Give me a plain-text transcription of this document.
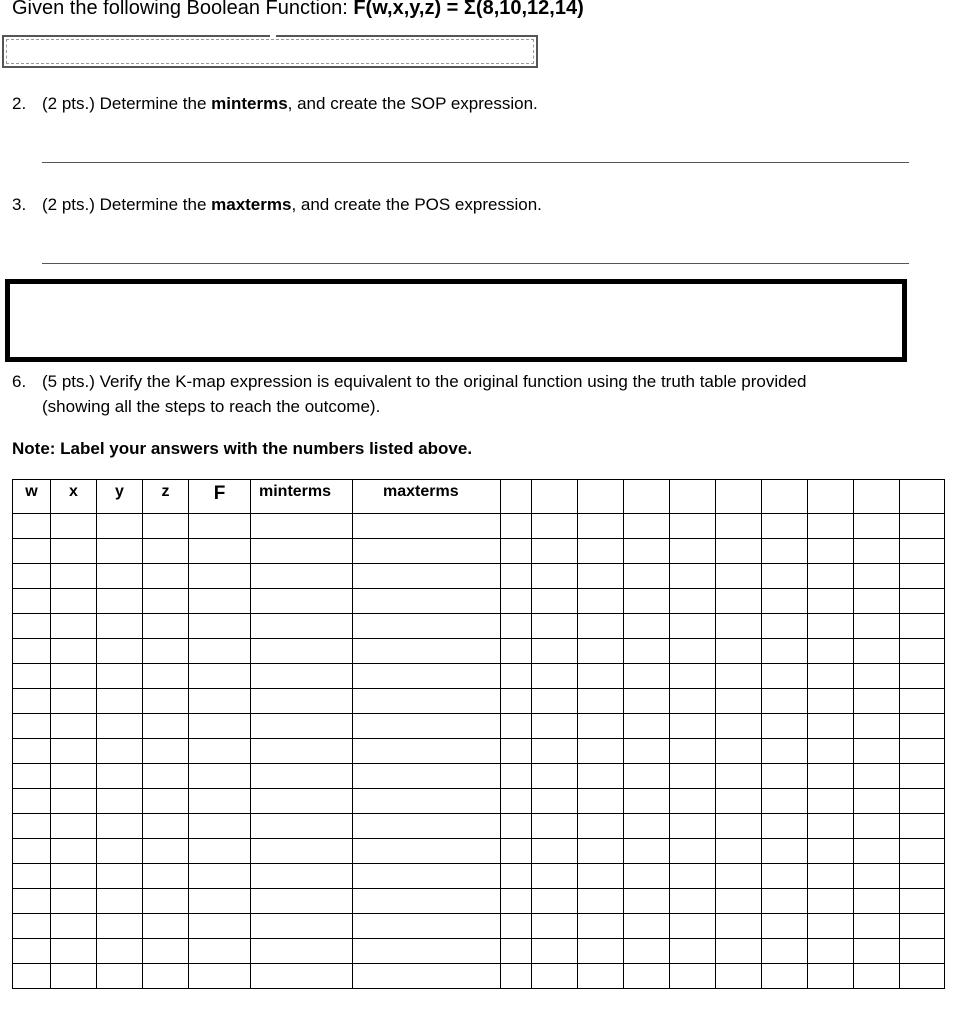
Given the following Boolean Function: F(w,x,y,z) = Σ(8,10,12,14)
2. (2 pts.) Determine the minterms, and create the SOP expression.
3. (2 pts.) Determine the maxterms, and create the POS expression.
6. (5 pts.) Verify the K-map expression is equivalent to the original function using the truth table provided
(showing all the steps to reach the outcome).
Note: Label your answers with the numbers listed above.
w	x	y	z	F	minterms	maxterms										
